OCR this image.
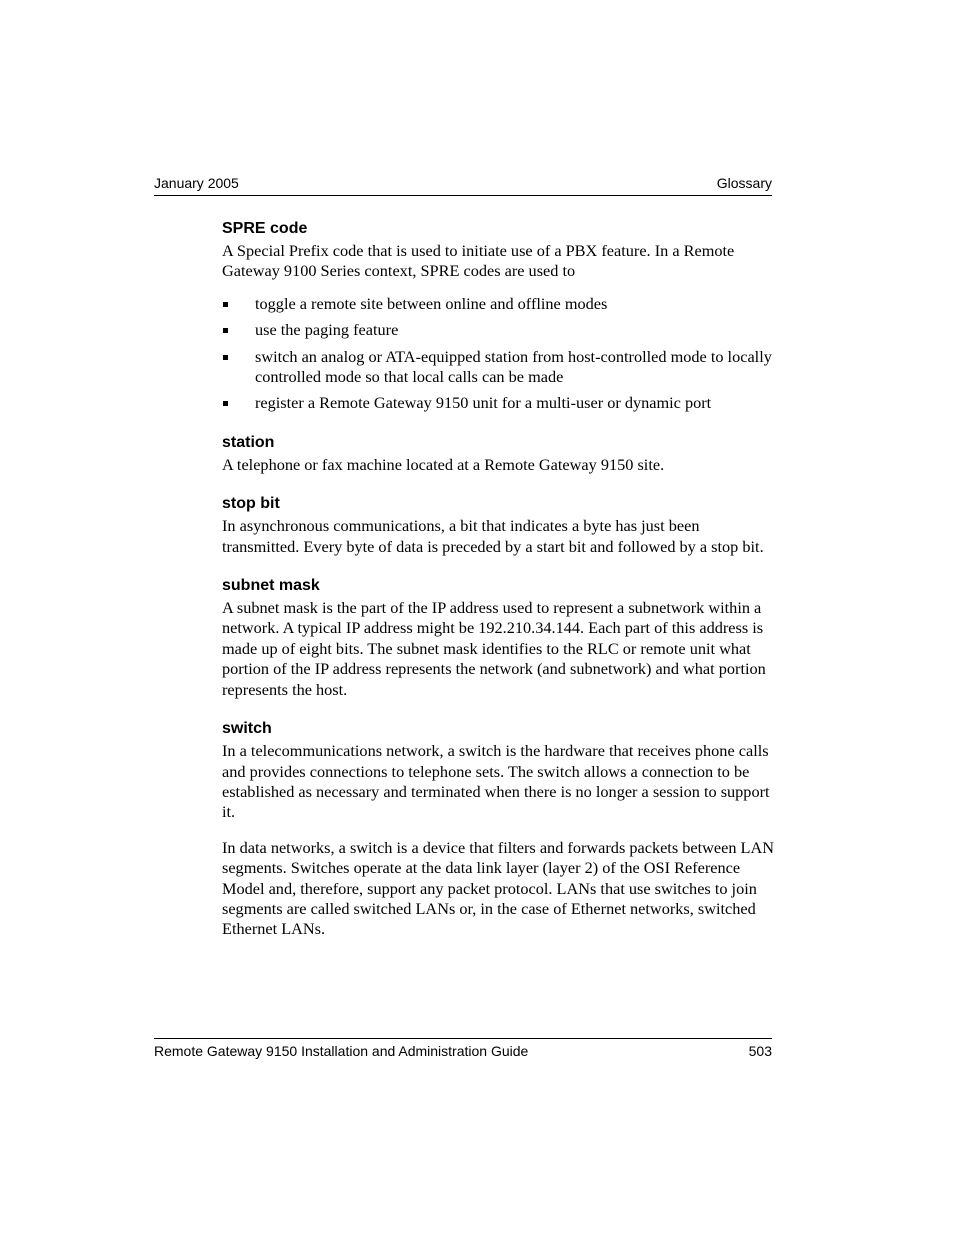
January 2005	Glossary

SPRE code

A Special Prefix code that is used to initiate use of a PBX feature. In a Remote Gateway 9100 Series context, SPRE codes are used to

toggle a remote site between online and offline modes
use the paging feature
switch an analog or ATA-equipped station from host-controlled mode to locally controlled mode so that local calls can be made
register a Remote Gateway 9150 unit for a multi-user or dynamic port

station

A telephone or fax machine located at a Remote Gateway 9150 site.

stop bit

In asynchronous communications, a bit that indicates a byte has just been transmitted. Every byte of data is preceded by a start bit and followed by a stop bit.

subnet mask

A subnet mask is the part of the IP address used to represent a subnetwork within a network. A typical IP address might be 192.210.34.144. Each part of this address is made up of eight bits. The subnet mask identifies to the RLC or remote unit what portion of the IP address represents the network (and subnetwork) and what portion represents the host.

switch

In a telecommunications network, a switch is the hardware that receives phone calls and provides connections to telephone sets. The switch allows a connection to be established as necessary and terminated when there is no longer a session to support it.

In data networks, a switch is a device that filters and forwards packets between LAN segments. Switches operate at the data link layer (layer 2) of the OSI Reference Model and, therefore, support any packet protocol. LANs that use switches to join segments are called switched LANs or, in the case of Ethernet networks, switched Ethernet LANs.

Remote Gateway 9150 Installation and Administration Guide	503
